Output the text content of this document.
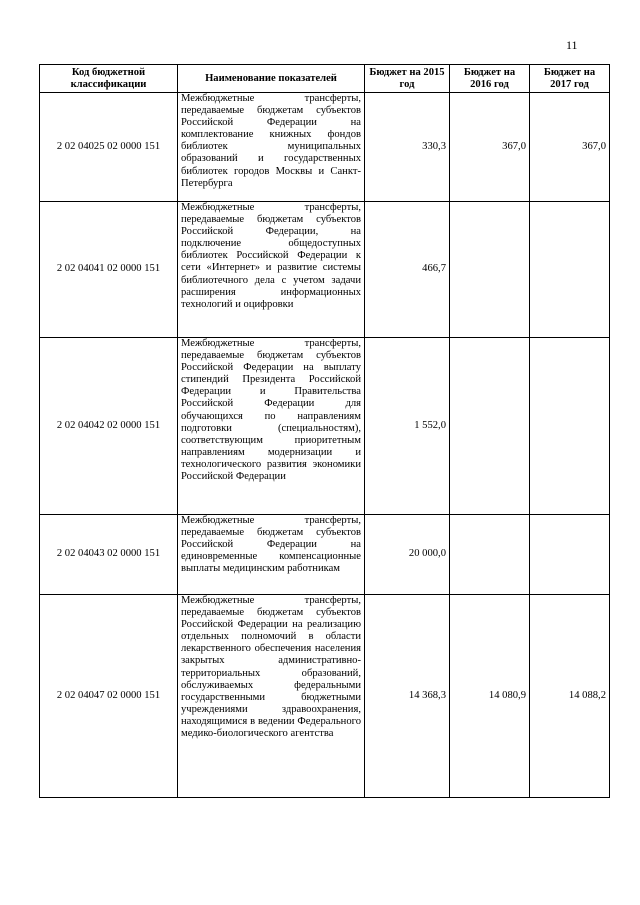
11
Код бюджетной классификации	Наименование показателей	Бюджет на 2015 год	Бюджет на 2016 год	Бюджет на 2017 год
2 02 04025 02 0000 151	Межбюджетные трансферты, передаваемые бюджетам субъектов Российской Федерации на комплектование книжных фондов библиотек муниципальных образований и государственных библиотек городов Москвы и Санкт-Петербурга	330,3	367,0	367,0
2 02 04041 02 0000 151	Межбюджетные трансферты, передаваемые бюджетам субъектов Российской Федерации, на подключение общедоступных библиотек Российской Федерации к сети «Интернет» и развитие системы библиотечного дела с учетом задачи расширения информационных технологий и оцифровки	466,7		
2 02 04042 02 0000 151	Межбюджетные трансферты, передаваемые бюджетам субъектов Российской Федерации на выплату стипендий Президента Российской Федерации и Правительства Российской Федерации для обучающихся по направлениям подготовки (специальностям), соответствующим приоритетным направлениям модернизации и технологического развития экономики Российской Федерации	1 552,0		
2 02 04043 02 0000 151	Межбюджетные трансферты, передаваемые бюджетам субъектов Российской Федерации на единовременные компенсационные выплаты медицинским работникам	20 000,0		
2 02 04047 02 0000 151	Межбюджетные трансферты, передаваемые бюджетам субъектов Российской Федерации на реализацию отдельных полномочий в области лекарственного обеспечения населения закрытых административно-территориальных образований, обслуживаемых федеральными государственными бюджетными учреждениями здравоохранения, находящимися в ведении Федерального медико-биологического агентства	14 368,3	14 080,9	14 088,2
